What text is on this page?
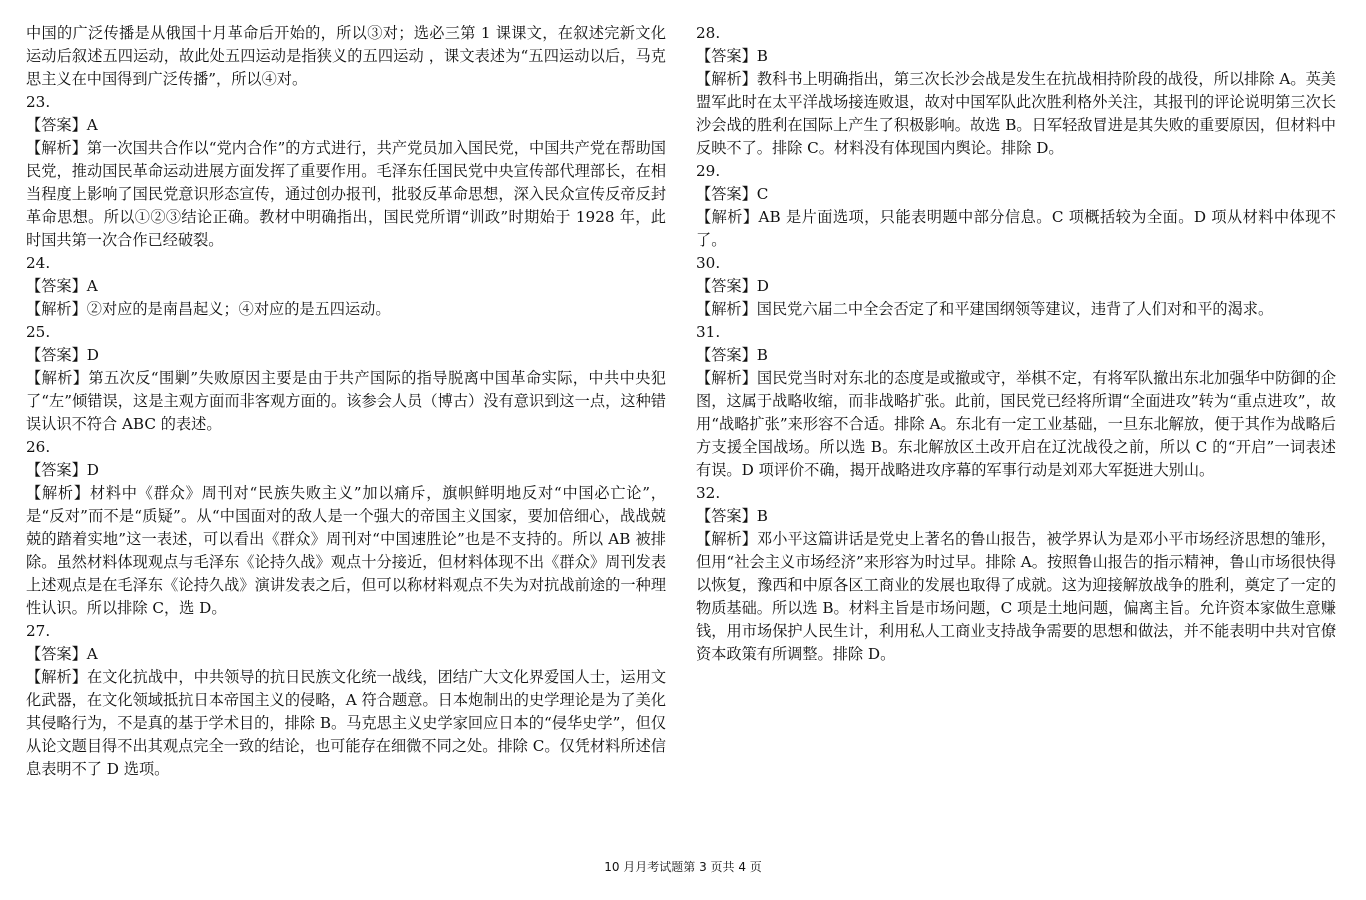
中国的广泛传播是从俄国十月革命后开始的，所以③对；选必三第 1 课课文，在叙述完新文化运动后叙述五四运动，故此处五四运动是指狭义的五四运动 ，课文表述为“五四运动以后，马克思主义在中国得到广泛传播”，所以④对。

23.

【答案】A

【解析】第一次国共合作以“党内合作”的方式进行，共产党员加入国民党，中国共产党在帮助国民党，推动国民革命运动进展方面发挥了重要作用。毛泽东任国民党中央宣传部代理部长，在相当程度上影响了国民党意识形态宣传，通过创办报刊，批驳反革命思想，深入民众宣传反帝反封革命思想。所以①②③结论正确。教材中明确指出，国民党所谓“训政”时期始于 1928 年，此时国共第一次合作已经破裂。

24.

【答案】A

【解析】②对应的是南昌起义；④对应的是五四运动。

25.

【答案】D

【解析】第五次反“围剿”失败原因主要是由于共产国际的指导脱离中国革命实际，中共中央犯了“左”倾错误，这是主观方面而非客观方面的。该参会人员（博古）没有意识到这一点，这种错误认识不符合 ABC 的表述。

26.

【答案】D

【解析】材料中《群众》周刊对“民族失败主义”加以痛斥，旗帜鲜明地反对“中国必亡论”，是“反对”而不是“质疑”。从“中国面对的敌人是一个强大的帝国主义国家，要加倍细心，战战兢兢的踏着实地”这一表述，可以看出《群众》周刊对“中国速胜论”也是不支持的。所以 AB 被排除。虽然材料体现观点与毛泽东《论持久战》观点十分接近，但材料体现不出《群众》周刊发表上述观点是在毛泽东《论持久战》演讲发表之后，但可以称材料观点不失为对抗战前途的一种理性认识。所以排除 C，选 D。

27.

【答案】A

【解析】在文化抗战中，中共领导的抗日民族文化统一战线，团结广大文化界爱国人士，运用文化武器，在文化领域抵抗日本帝国主义的侵略，A 符合题意。日本炮制出的史学理论是为了美化其侵略行为，不是真的基于学术目的，排除 B。马克思主义史学家回应日本的“侵华史学”，但仅从论文题目得不出其观点完全一致的结论，也可能存在细微不同之处。排除 C。仅凭材料所述信息表明不了 D 选项。

28.

【答案】B

【解析】教科书上明确指出，第三次长沙会战是发生在抗战相持阶段的战役，所以排除 A。英美盟军此时在太平洋战场接连败退，故对中国军队此次胜利格外关注，其报刊的评论说明第三次长沙会战的胜利在国际上产生了积极影响。故选 B。日军轻敌冒进是其失败的重要原因，但材料中反映不了。排除 C。材料没有体现国内舆论。排除 D。

29.

【答案】C

【解析】AB 是片面选项，只能表明题中部分信息。C 项概括较为全面。D 项从材料中体现不了。

30.

【答案】D

【解析】国民党六届二中全会否定了和平建国纲领等建议，违背了人们对和平的渴求。

31.

【答案】B

【解析】国民党当时对东北的态度是或撤或守，举棋不定，有将军队撤出东北加强华中防御的企图，这属于战略收缩，而非战略扩张。此前，国民党已经将所谓“全面进攻”转为“重点进攻”，故用“战略扩张”来形容不合适。排除 A。东北有一定工业基础，一旦东北解放，便于其作为战略后方支援全国战场。所以选 B。东北解放区土改开启在辽沈战役之前，所以 C 的“开启”一词表述有误。D 项评价不确，揭开战略进攻序幕的军事行动是刘邓大军挺进大别山。

32.

【答案】B

【解析】邓小平这篇讲话是党史上著名的鲁山报告，被学界认为是邓小平市场经济思想的雏形，但用“社会主义市场经济”来形容为时过早。排除 A。按照鲁山报告的指示精神，鲁山市场很快得以恢复，豫西和中原各区工商业的发展也取得了成就。这为迎接解放战争的胜利，奠定了一定的物质基础。所以选 B。材料主旨是市场问题，C 项是土地问题，偏离主旨。允许资本家做生意赚钱，用市场保护人民生计，利用私人工商业支持战争需要的思想和做法，并不能表明中共对官僚资本政策有所调整。排除 D。

10 月月考试题第 3 页共 4 页
